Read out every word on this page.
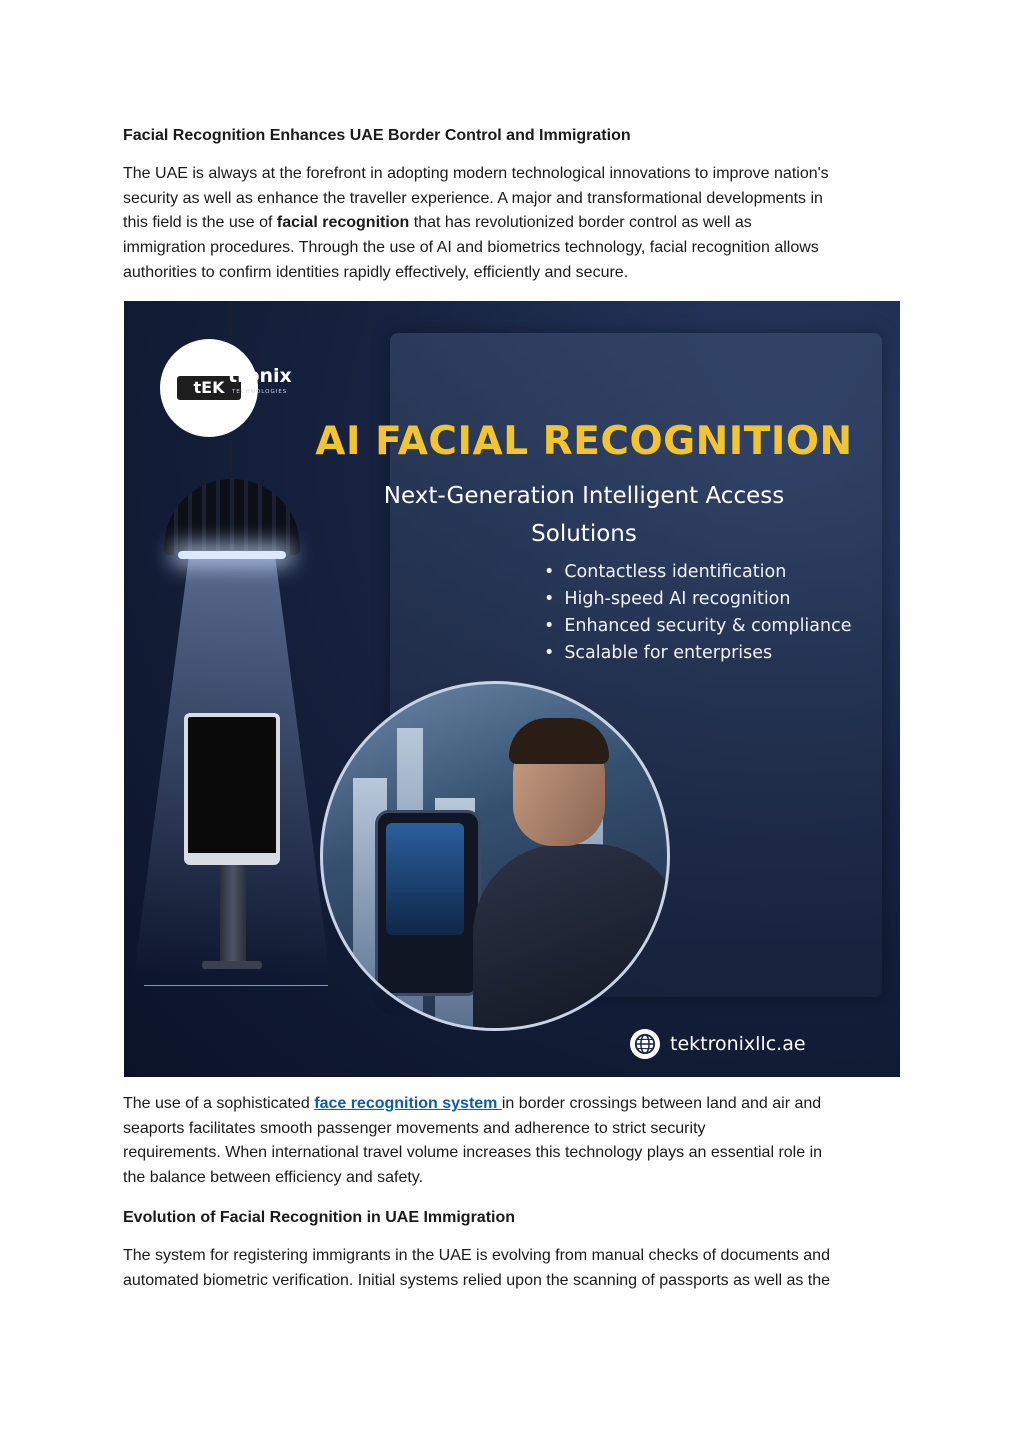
Facial Recognition Enhances UAE Border Control and Immigration
The UAE is always at the forefront in adopting modern technological innovations to improve nation's
security as well as enhance the traveller experience. A major and transformational developments in
this field is the use of facial recognition that has revolutionized border control as well as
immigration procedures. Through the use of AI and biometrics technology, facial recognition allows
authorities to confirm identities rapidly effectively, efficiently and secure.
tEK
tronix
TECHNOLOGIES
AI FACIAL RECOGNITION
Next-Generation Intelligent Access
Solutions
• Contactless identification
• High-speed AI recognition
• Enhanced security & compliance
• Scalable for enterprises
tektronixllc.ae
The use of a sophisticated face recognition system in border crossings between land and air and
seaports facilitates smooth passenger movements and adherence to strict security
requirements. When international travel volume increases this technology plays an essential role in
the balance between efficiency and safety.
Evolution of Facial Recognition in UAE Immigration
The system for registering immigrants in the UAE is evolving from manual checks of documents and
automated biometric verification. Initial systems relied upon the scanning of passports as well as the
